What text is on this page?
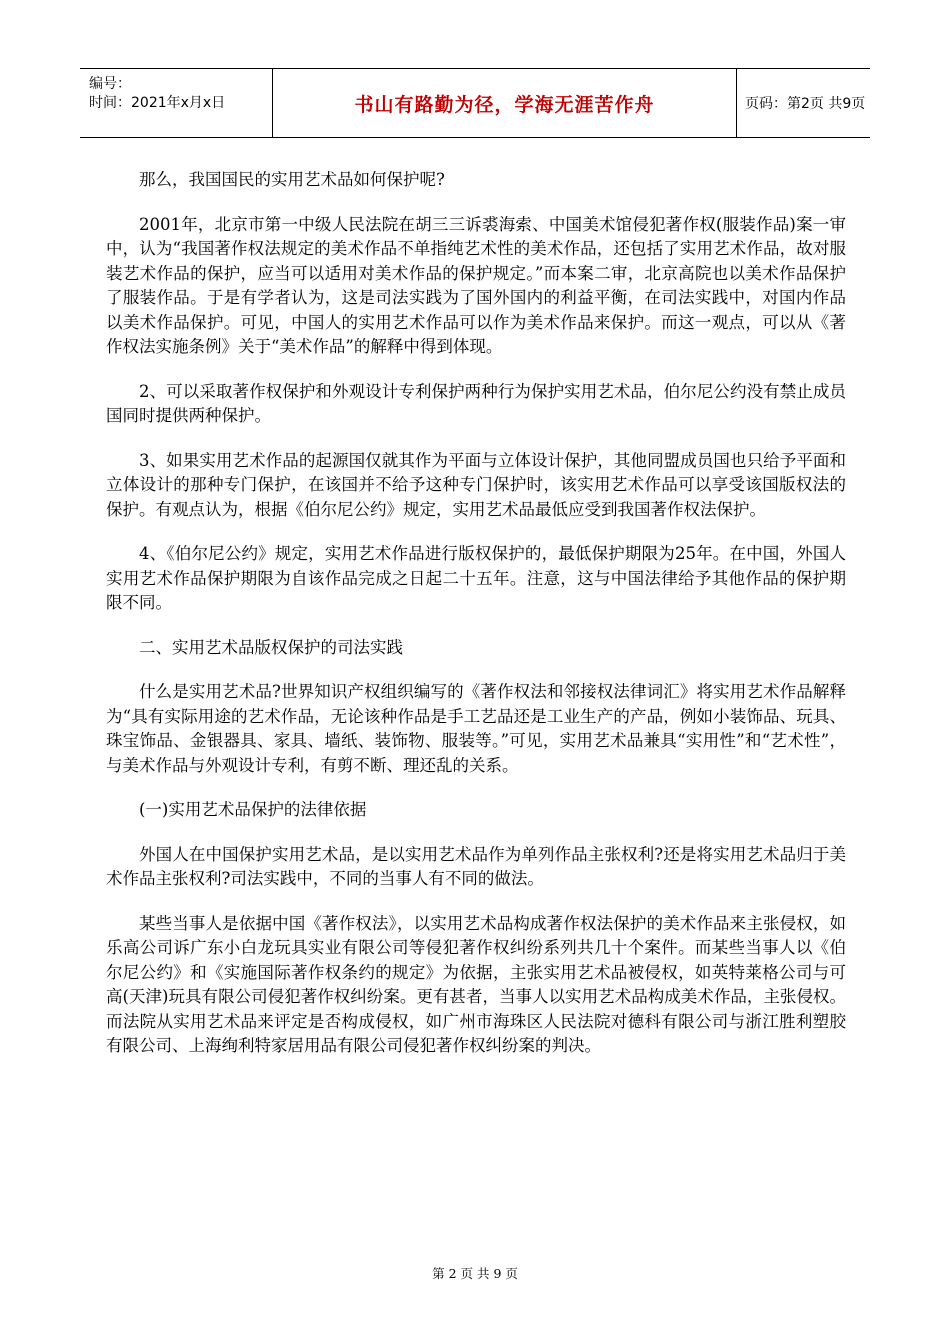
编号：
时间：2021年x月x日	书山有路勤为径，学海无涯苦作舟	页码：第2页 共9页

那么，我国国民的实用艺术品如何保护呢?

2001年，北京市第一中级人民法院在胡三三诉裘海索、中国美术馆侵犯著作权(服装作品)案一审中，认为“我国著作权法规定的美术作品不单指纯艺术性的美术作品，还包括了实用艺术作品，故对服装艺术作品的保护，应当可以适用对美术作品的保护规定。”而本案二审，北京高院也以美术作品保护了服装作品。于是有学者认为，这是司法实践为了国外国内的利益平衡，在司法实践中，对国内作品以美术作品保护。可见，中国人的实用艺术作品可以作为美术作品来保护。而这一观点，可以从《著作权法实施条例》关于“美术作品”的解释中得到体现。

2、可以采取著作权保护和外观设计专利保护两种行为保护实用艺术品，伯尔尼公约没有禁止成员国同时提供两种保护。

3、如果实用艺术作品的起源国仅就其作为平面与立体设计保护，其他同盟成员国也只给予平面和立体设计的那种专门保护，在该国并不给予这种专门保护时，该实用艺术作品可以享受该国版权法的保护。有观点认为，根据《伯尔尼公约》规定，实用艺术品最低应受到我国著作权法保护。

4、《伯尔尼公约》规定，实用艺术作品进行版权保护的，最低保护期限为25年。在中国，外国人实用艺术作品保护期限为自该作品完成之日起二十五年。注意，这与中国法律给予其他作品的保护期限不同。

二、实用艺术品版权保护的司法实践

什么是实用艺术品?世界知识产权组织编写的《著作权法和邻接权法律词汇》将实用艺术作品解释为“具有实际用途的艺术作品，无论该种作品是手工艺品还是工业生产的产品，例如小装饰品、玩具、珠宝饰品、金银器具、家具、墙纸、装饰物、服装等。”可见，实用艺术品兼具“实用性”和“艺术性”，与美术作品与外观设计专利，有剪不断、理还乱的关系。

(一)实用艺术品保护的法律依据

外国人在中国保护实用艺术品，是以实用艺术品作为单列作品主张权利?还是将实用艺术品归于美术作品主张权利?司法实践中，不同的当事人有不同的做法。

某些当事人是依据中国《著作权法》，以实用艺术品构成著作权法保护的美术作品来主张侵权，如乐高公司诉广东小白龙玩具实业有限公司等侵犯著作权纠纷系列共几十个案件。而某些当事人以《伯尔尼公约》和《实施国际著作权条约的规定》为依据，主张实用艺术品被侵权，如英特莱格公司与可高(天津)玩具有限公司侵犯著作权纠纷案。更有甚者，当事人以实用艺术品构成美术作品，主张侵权。而法院从实用艺术品来评定是否构成侵权，如广州市海珠区人民法院对德科有限公司与浙江胜利塑胶有限公司、上海绚利特家居用品有限公司侵犯著作权纠纷案的判决。

第 2 页 共 9 页
